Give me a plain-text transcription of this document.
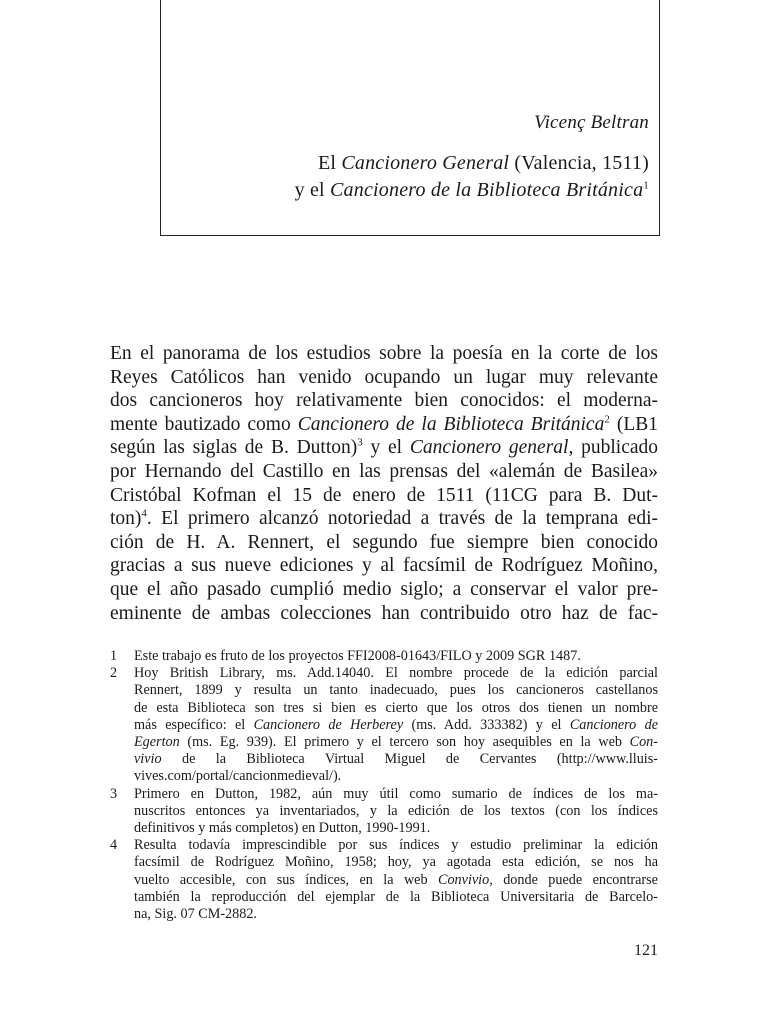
Vicenç Beltran
El Cancionero General (Valencia, 1511)
y el Cancionero de la Biblioteca Británica$^1$
En el panorama de los estudios sobre la poesía en la corte de los
Reyes Católicos han venido ocupando un lugar muy relevante
dos cancioneros hoy relativamente bien conocidos: el moderna-
mente bautizado como Cancionero de la Biblioteca Británica$^2$ (LB1
según las siglas de B. Dutton)$^3$ y el Cancionero general, publicado
por Hernando del Castillo en las prensas del «alemán de Basilea»
Cristóbal Kofman el 15 de enero de 1511 (11CG para B. Dut-
ton)$^4$. El primero alcanzó notoriedad a través de la temprana edi-
ción de H. A. Rennert, el segundo fue siempre bien conocido
gracias a sus nueve ediciones y al facsímil de Rodríguez Moñino,
que el año pasado cumplió medio siglo; a conservar el valor pre-
eminente de ambas colecciones han contribuido otro haz de fac-
1	Este trabajo es fruto de los proyectos FFI2008-01643/FILO y 2009 SGR 1487.
2	Hoy British Library, ms. Add.14040. El nombre procede de la edición parcial
Rennert, 1899 y resulta un tanto inadecuado, pues los cancioneros castellanos
de esta Biblioteca son tres si bien es cierto que los otros dos tienen un nombre
más específico: el Cancionero de Herberey (ms. Add. 333382) y el Cancionero de
Egerton (ms. Eg. 939). El primero y el tercero son hoy asequibles en la web Con-
vivio de la Biblioteca Virtual Miguel de Cervantes (http://www.lluis-
vives.com/portal/cancionmedieval/).
3	Primero en Dutton, 1982, aún muy útil como sumario de índices de los ma-
nuscritos entonces ya inventariados, y la edición de los textos (con los índices
definitivos y más completos) en Dutton, 1990-1991.
4	Resulta todavía imprescindible por sus índices y estudio preliminar la edición
facsímil de Rodríguez Moñino, 1958; hoy, ya agotada esta edición, se nos ha
vuelto accesible, con sus índices, en la web Convivio, donde puede encontrarse
también la reproducción del ejemplar de la Biblioteca Universitaria de Barcelo-
na, Sig. 07 CM-2882.
121
